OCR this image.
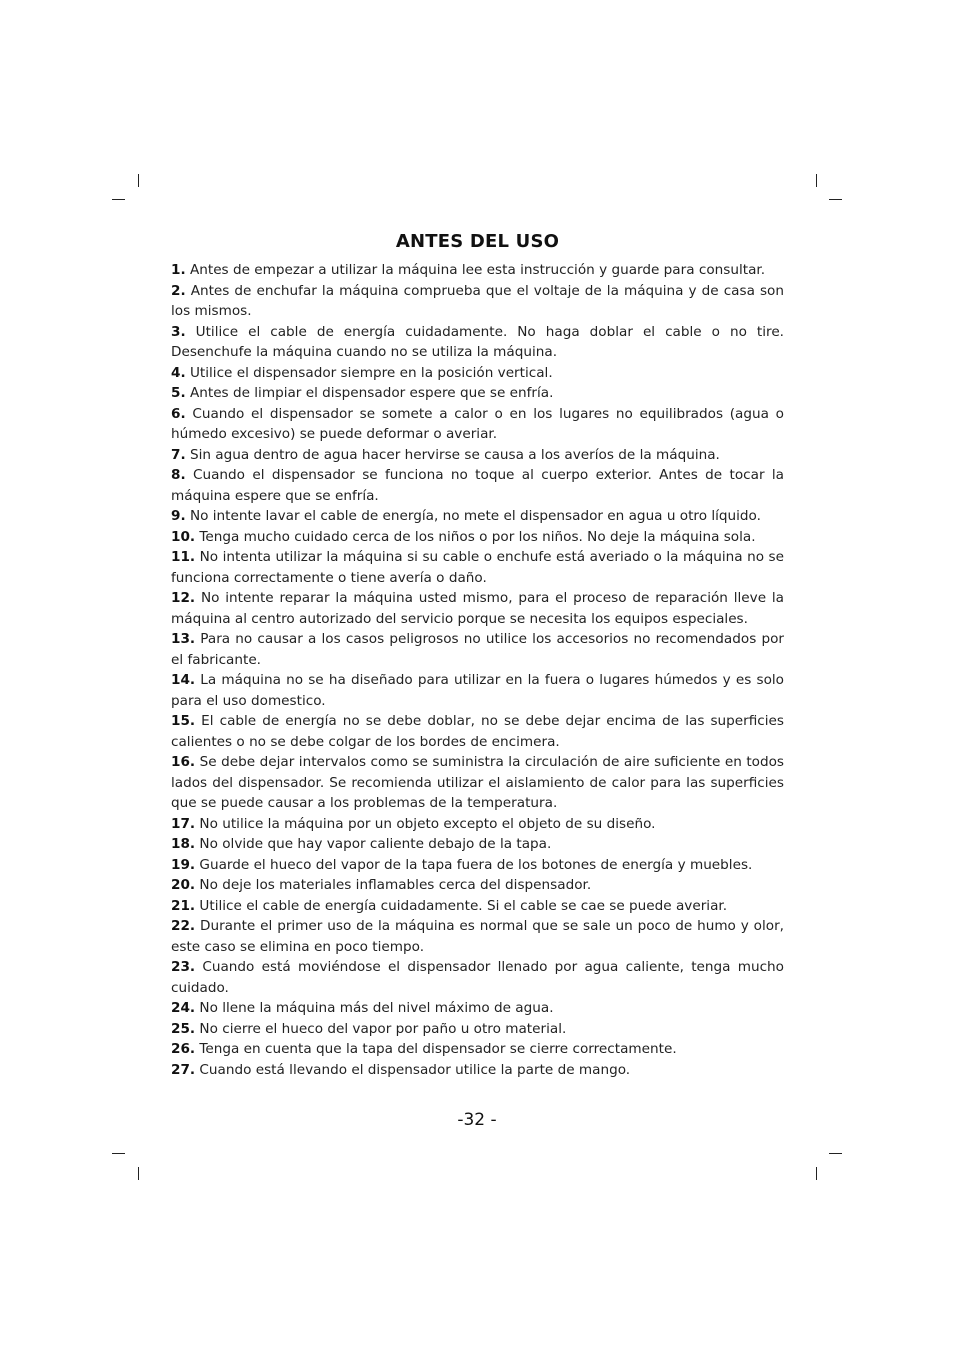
ANTES DEL USO
1. Antes de empezar a utilizar la máquina lee esta instrucción y guarde para consultar.
2. Antes de enchufar la máquina comprueba que el voltaje de la máquina y de casa son los mismos.
3. Utilice el cable de energía cuidadamente. No haga doblar el cable o no tire. Desenchufe la máquina cuando no se utiliza la máquina.
4. Utilice el dispensador siempre en la posición vertical.
5. Antes de limpiar el dispensador espere que se enfría.
6. Cuando el dispensador se somete a calor o en los lugares no equilibrados (agua o húmedo excesivo) se puede deformar o averiar.
7. Sin agua dentro de agua hacer hervirse se causa a los averíos de la máquina.
8. Cuando el dispensador se funciona no toque al cuerpo exterior. Antes de tocar la máquina espere que se enfría.
9. No intente lavar el cable de energía, no mete el dispensador en agua u otro líquido.
10. Tenga mucho cuidado cerca de los niños o por los niños. No deje la máquina sola.
11. No intenta utilizar la máquina si su cable o enchufe está averiado o la máquina no se funciona correctamente o tiene avería o daño.
12. No intente reparar la máquina usted mismo, para el proceso de reparación lleve la máquina al centro autorizado del servicio porque se necesita los equipos especiales.
13. Para no causar a los casos peligrosos no utilice los accesorios no recomendados por el fabricante.
14. La máquina no se ha diseñado para utilizar en la fuera o lugares húmedos y es solo para el uso domestico.
15. El cable de energía no se debe doblar, no se debe dejar encima de las superficies calientes o no se debe colgar de los bordes de encimera.
16. Se debe dejar intervalos como se suministra la circulación de aire suficiente en todos lados del dispensador. Se recomienda utilizar el aislamiento de calor para las superficies que se puede causar a los problemas de la temperatura.
17. No utilice la máquina por un objeto excepto el objeto de su diseño.
18. No olvide que hay vapor caliente debajo de la tapa.
19. Guarde el hueco del vapor de la tapa fuera de los botones de energía y muebles.
20. No deje los materiales inflamables cerca del dispensador.
21. Utilice el cable de energía cuidadamente. Si el cable se cae se puede averiar.
22. Durante el primer uso de la máquina es normal que se sale un poco de humo y olor, este caso se elimina en poco tiempo.
23. Cuando está moviéndose el dispensador llenado por agua caliente, tenga mucho cuidado.
24. No llene la máquina más del nivel máximo de agua.
25. No cierre el hueco del vapor por paño u otro material.
26. Tenga en cuenta que la tapa del dispensador se cierre correctamente.
27. Cuando está llevando el dispensador utilice la parte de mango.
-32 -
